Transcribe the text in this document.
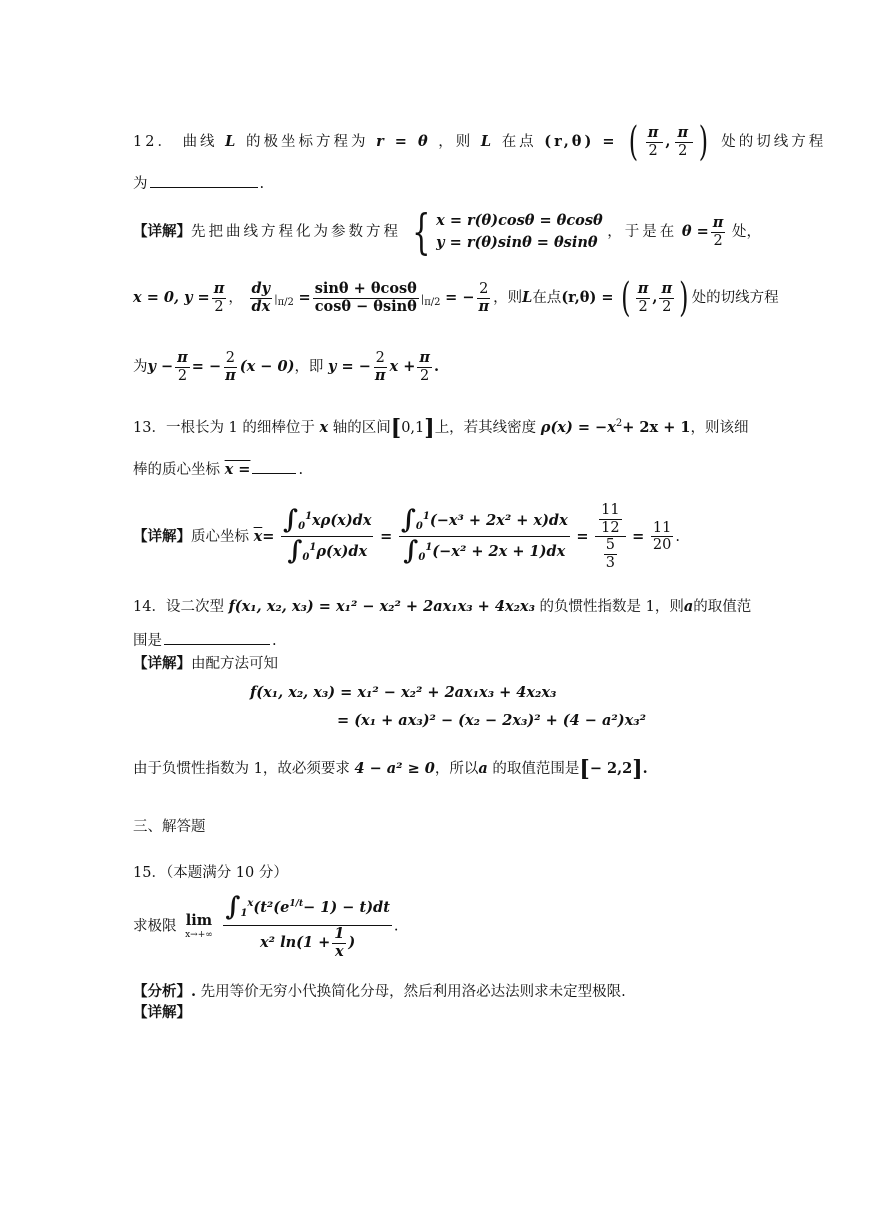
12． 曲线 L 的极坐标方程为 r = θ ，则 L 在点 (r,θ) = ( $\frac{\pi}{2}$ , $\frac{\pi}{2}$ ) 处的切线方程
为	.
【详解】先把曲线方程化为参数方程 { x = r(θ)cosθ = θcosθ
y = r(θ)sinθ = θsinθ
，于是在 $\theta = \frac{\pi}{2}$ 处，
x = 0, $y = \frac{\pi}{2}$ ， $\frac{dy}{dx} |_{\pi/2} = \frac{\sin\theta + \theta\cos\theta}{\cos\theta - \theta\sin\theta} |_{\pi/2}$ = − $\frac{2}{\pi}$ ，则L在点(r,θ) = ( $\frac{\pi}{2}$ , $\frac{\pi}{2}$ ) 处的切线方程
为$y - \frac{\pi}{2}$ = − $\frac{2}{\pi} (x - 0)$，即 y = − $\frac{2}{\pi}$ $x + \frac{\pi}{2}$ .
13．一根长为 1 的细棒位于 x 轴的区间[0,1]上，若其线密度 $\rho(x) = -x^2+ 2x + 1$，则该细
棒的质心坐标 x =	.
【详解】质心坐标 $\overline{x}= \frac{\int_0^1x\rho(x)dx}{\int_0^1\rho(x)dx} = \frac{\int_0^1(-x^3 + 2x^2 + x)dx}{\int_0^1(-x^2 + 2x + 1)dx} = \frac{\frac{11}{12}}{\frac{5}{3}} = \frac{11}{20}$ .
14．设二次型 f(x₁, x₂, x₃) = x₁² − x₂² + 2ax₁x₃ + 4x₂x₃ 的负惯性指数是 1，则a的取值范
围是	.
【详解】由配方法可知
f(x₁, x₂, x₃) = x₁² − x₂² + 2ax₁x₃ + 4x₂x₃
= (x₁ + ax₃)² − (x₂ − 2x₃)² + (4 − a²)x₃²
由于负惯性指数为 1，故必须要求 4 − a² ≥ 0，所以a 的取值范围是[− 2,2].
三、解答题
15．（本题满分 10 分）
求极限 lim
x→+∞
$\frac{\int_1^x(t^2(e^{1/t}- 1) - t)dt}{x^2 \ln(1 + \frac{1}{x} )}$ .
【分析】. 先用等价无穷小代换简化分母，然后利用洛必达法则求未定型极限.
【详解】
